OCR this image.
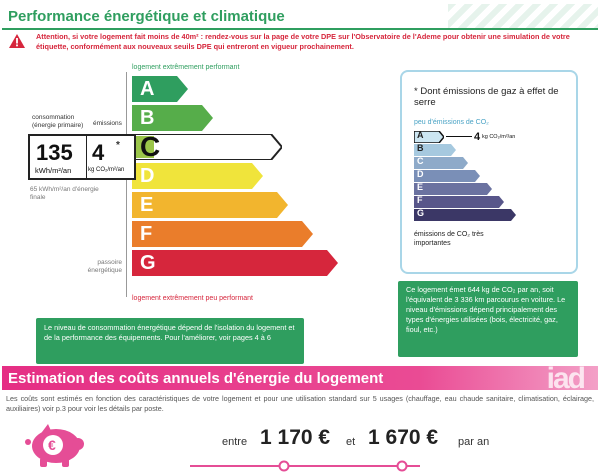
Performance énergétique et climatique
Attention, si votre logement fait moins de 40m² : rendez-vous sur la page de votre DPE sur l'Observatoire de l'Ademe pour obtenir une simulation de votre étiquette, conformément aux nouveaux seuils DPE qui entreront en vigueur prochainement.
logement extrêmement performant
A
B
C
D
E
F
G
logement extrêmement peu performant
consommation (énergie primaire)	émissions
135
kWh/m²/an
4 *
kg CO₂/m²/an
65 kWh/m²/an d'énergie finale
passoire énergétique
Le niveau de consommation énergétique dépend de l'isolation du logement et de la performance des équipements. Pour l'améliorer, voir pages 4 à 6
* Dont émissions de gaz à effet de serre
peu d'émissions de CO₂
A
B
C
D
E
F
G
4 kg CO₂/m²/an
émissions de CO₂ très importantes
Ce logement émet 644 kg de CO₂ par an, soit l'équivalent de 3 336 km parcourus en voiture. Le niveau d'émissions dépend principalement des types d'énergies utilisées (bois, électricité, gaz, fioul, etc.)
Estimation des coûts annuels d'énergie du logement	iad
Les coûts sont estimés en fonction des caractéristiques de votre logement et pour une utilisation standard sur 5 usages (chauffage, eau chaude sanitaire, climatisation, éclairage, auxiliaires) voir p.3 pour voir les détails par poste.
€	entre 1 170 € et 1 670 € par an
